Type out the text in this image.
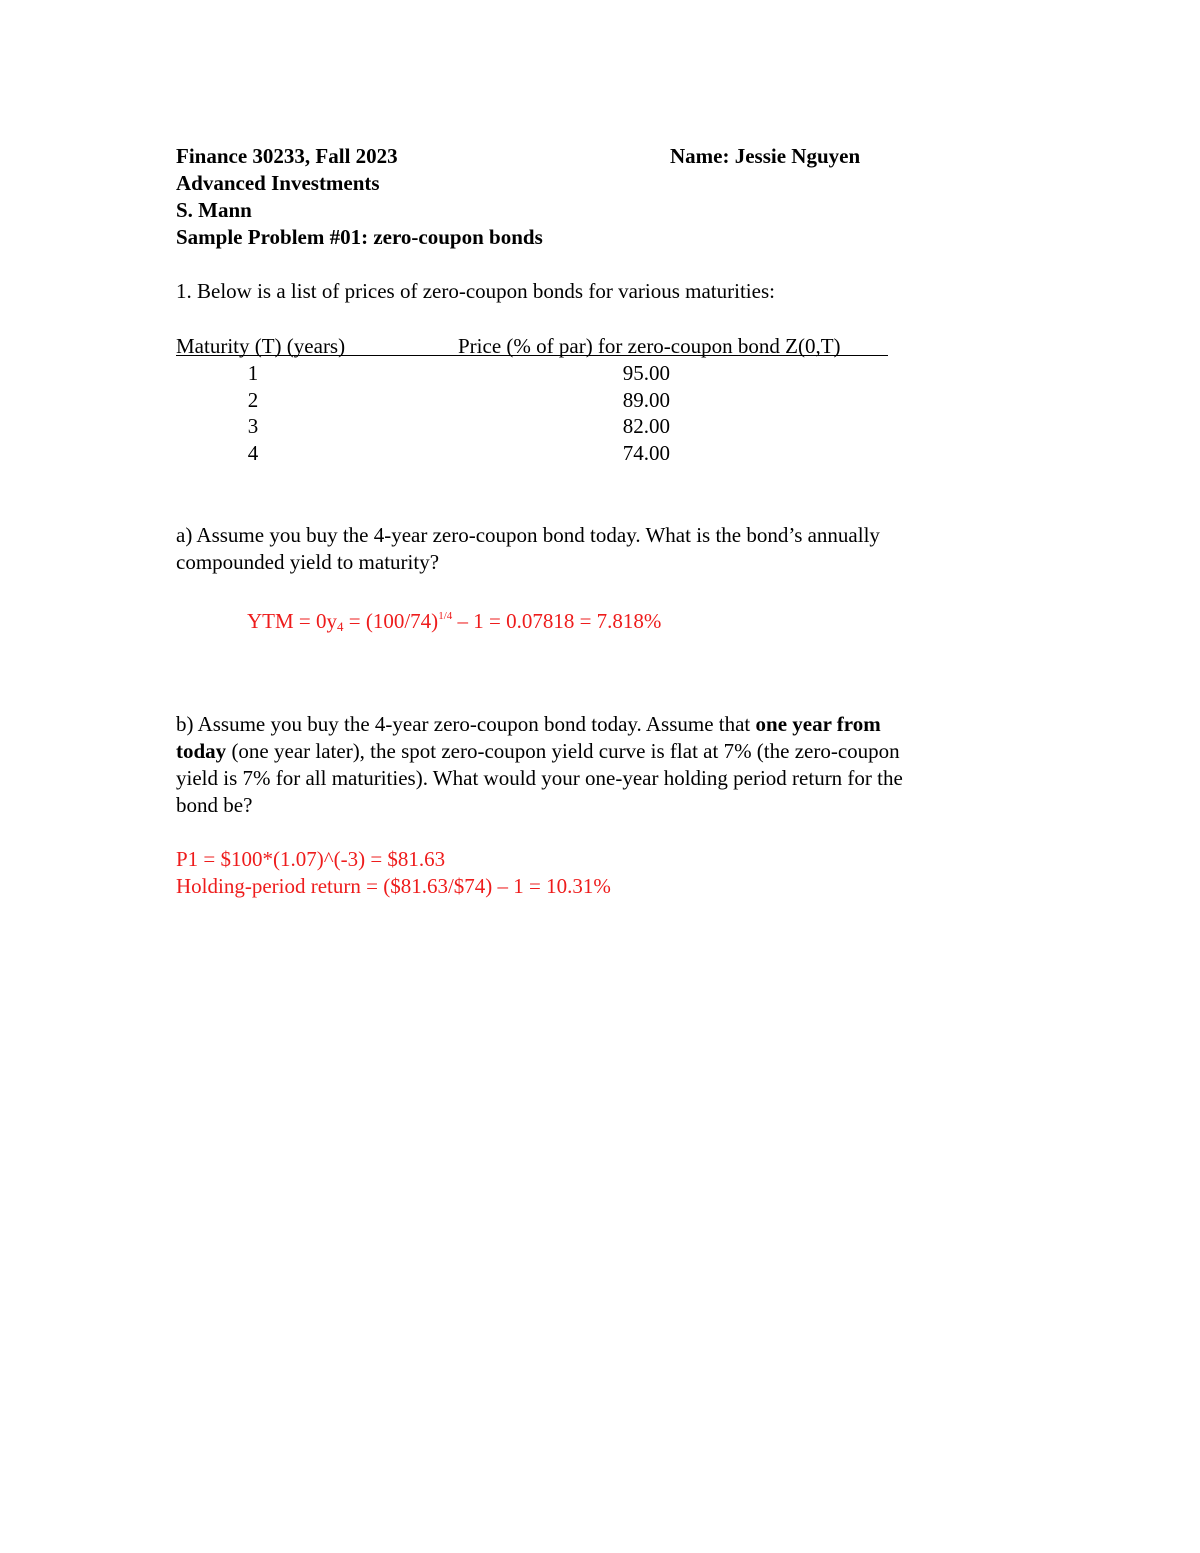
Finance 30233, Fall 2023	Name: Jessie Nguyen
Advanced Investments
S. Mann
Sample Problem #01: zero-coupon bonds
1. Below is a list of prices of zero-coupon bonds for various maturities:
Maturity (T) (years)	Price (% of par) for zero-coupon bond Z(0,T)
1	95.00
2	89.00
3	82.00
4	74.00
a) Assume you buy the 4-year zero-coupon bond today. What is the bond’s annually
compounded yield to maturity?
YTM = $0y_4 = (100/74)^{1/4} - 1 = 0.07818 = 7.818\%$
b) Assume you buy the 4-year zero-coupon bond today. Assume that one year from
today (one year later), the spot zero-coupon yield curve is flat at 7% (the zero-coupon
yield is 7% for all maturities). What would your one-year holding period return for the
bond be?
P1 = $100*(1.07)^(-3) = $81.63
Holding-period return = ($81.63/$74) – 1 = 10.31%
